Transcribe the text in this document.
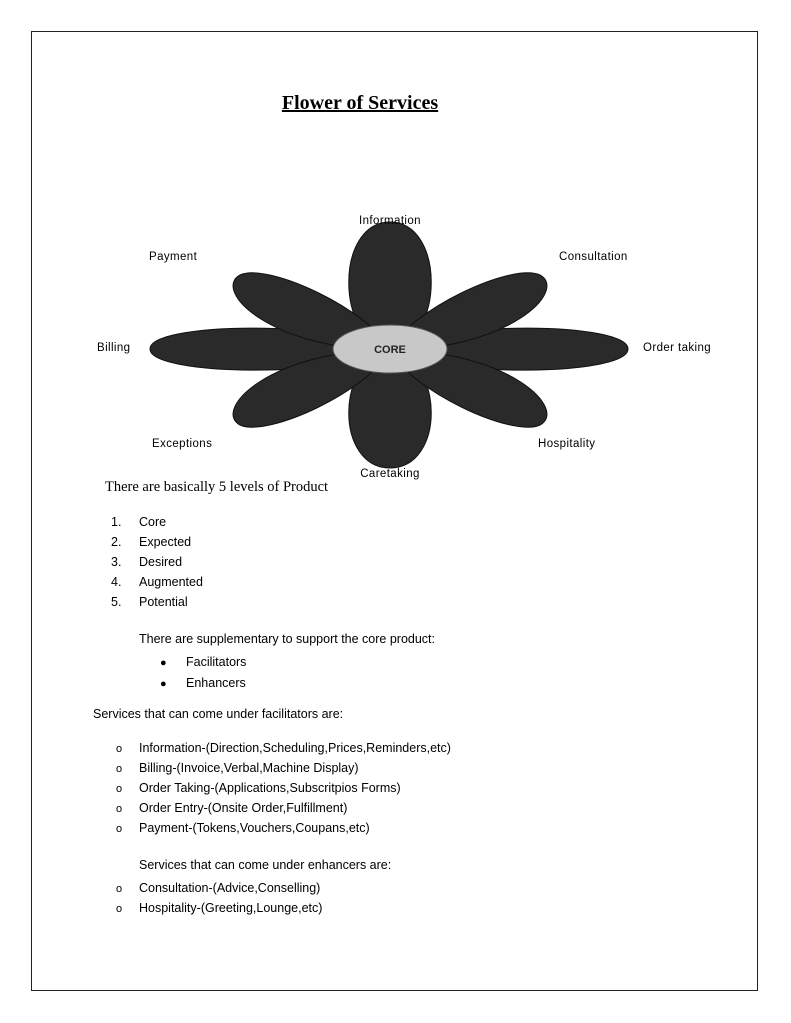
Flower of Services
CORE
Information
Consultation
Order taking
Hospitality
Caretaking
Exceptions
Billing
Payment
There are basically 5 levels of Product
1. Core
2. Expected
3. Desired
4. Augmented
5. Potential
There are supplementary to support the core product:
● Facilitators
● Enhancers
Services that can come under facilitators are:
o Information-(Direction,Scheduling,Prices,Reminders,etc)
o Billing-(Invoice,Verbal,Machine Display)
o Order Taking-(Applications,Subscritpios Forms)
o Order Entry-(Onsite Order,Fulfillment)
o Payment-(Tokens,Vouchers,Coupans,etc)
Services that can come under enhancers are:
o Consultation-(Advice,Conselling)
o Hospitality-(Greeting,Lounge,etc)
